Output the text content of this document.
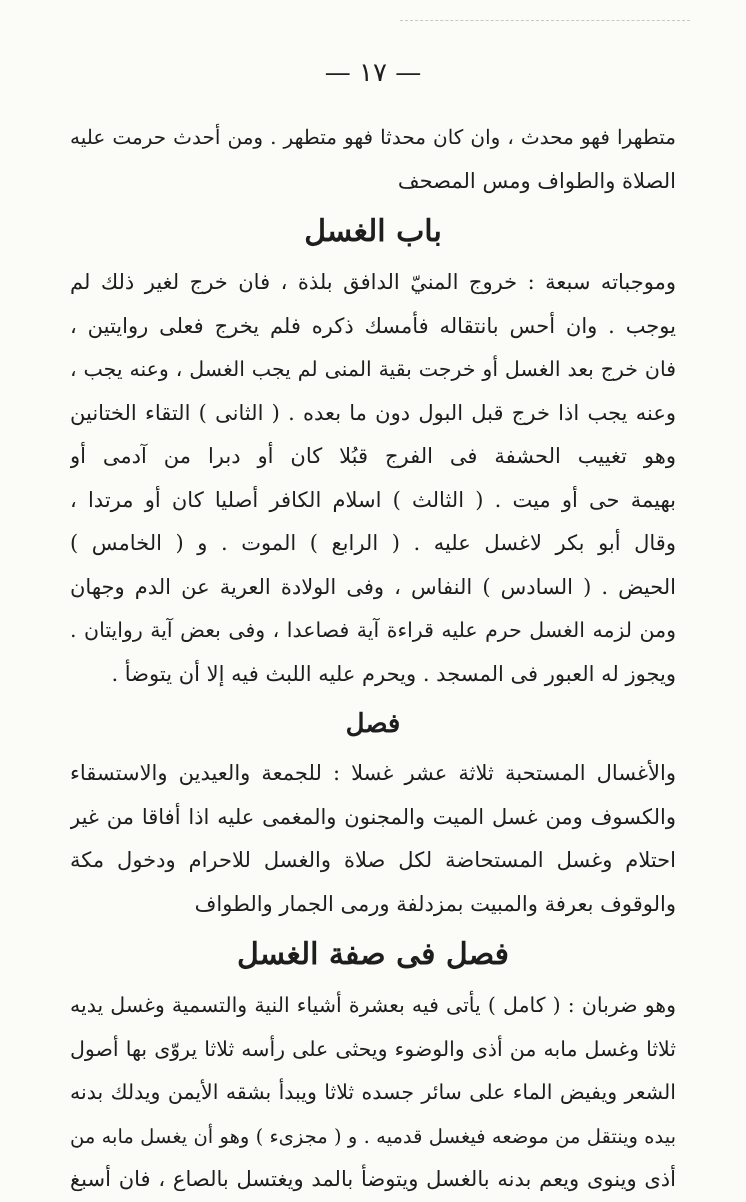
— ١٧ —
متطهرا فهو محدث ، وان كان محدثا فهو متطهر . ومن أحدث حرمت عليه
الصلاة والطواف ومس المصحف
باب الغسل
وموجباته سبعة : خروج المنيّ الدافق بلذة ، فان خرج لغير ذلك لم
يوجب . وان أحس بانتقاله فأمسك ذكره فلم يخرج فعلى روايتين ،
فان خرج بعد الغسل أو خرجت بقية المنى لم يجب الغسل ، وعنه يجب ،
وعنه يجب اذا خرج قبل البول دون ما بعده . ( الثانى ) التقاء الختانين
وهو تغييب الحشفة فى الفرج قبُلا كان أو دبرا من آدمى أو
بهيمة حى أو ميت . ( الثالث ) اسلام الكافر أصليا كان أو مرتدا ،
وقال أبو بكر لاغسل عليه . ( الرابع ) الموت . و ( الخامس )
الحيض . ( السادس ) النفاس ، وفى الولادة العرية عن الدم وجهان
ومن لزمه الغسل حرم عليه قراءة آية فصاعدا ، وفى بعض آية روايتان .
ويجوز له العبور فى المسجد . ويحرم عليه اللبث فيه إلا أن يتوضأ .
فصل
والأغسال المستحبة ثلاثة عشر غسلا : للجمعة والعيدين والاستسقاء
والكسوف ومن غسل الميت والمجنون والمغمى عليه اذا أفاقا من غير
احتلام وغسل المستحاضة لكل صلاة والغسل للاحرام ودخول مكة
والوقوف بعرفة والمبيت بمزدلفة ورمى الجمار والطواف
فصل فى صفة الغسل
وهو ضربان : ( كامل ) يأتى فيه بعشرة أشياء النية والتسمية وغسل يديه
ثلاثا وغسل مابه من أذى والوضوء ويحثى على رأسه ثلاثا يروّى بها أصول
الشعر ويفيض الماء على سائر جسده ثلاثا ويبدأ بشقه الأيمن ويدلك بدنه
بيده وينتقل من موضعه فيغسل قدميه . و ( مجزىء ) وهو أن يغسل مابه من
أذى وينوى ويعم بدنه بالغسل ويتوضأ بالمد ويغتسل بالصاع ، فان أسبغ
